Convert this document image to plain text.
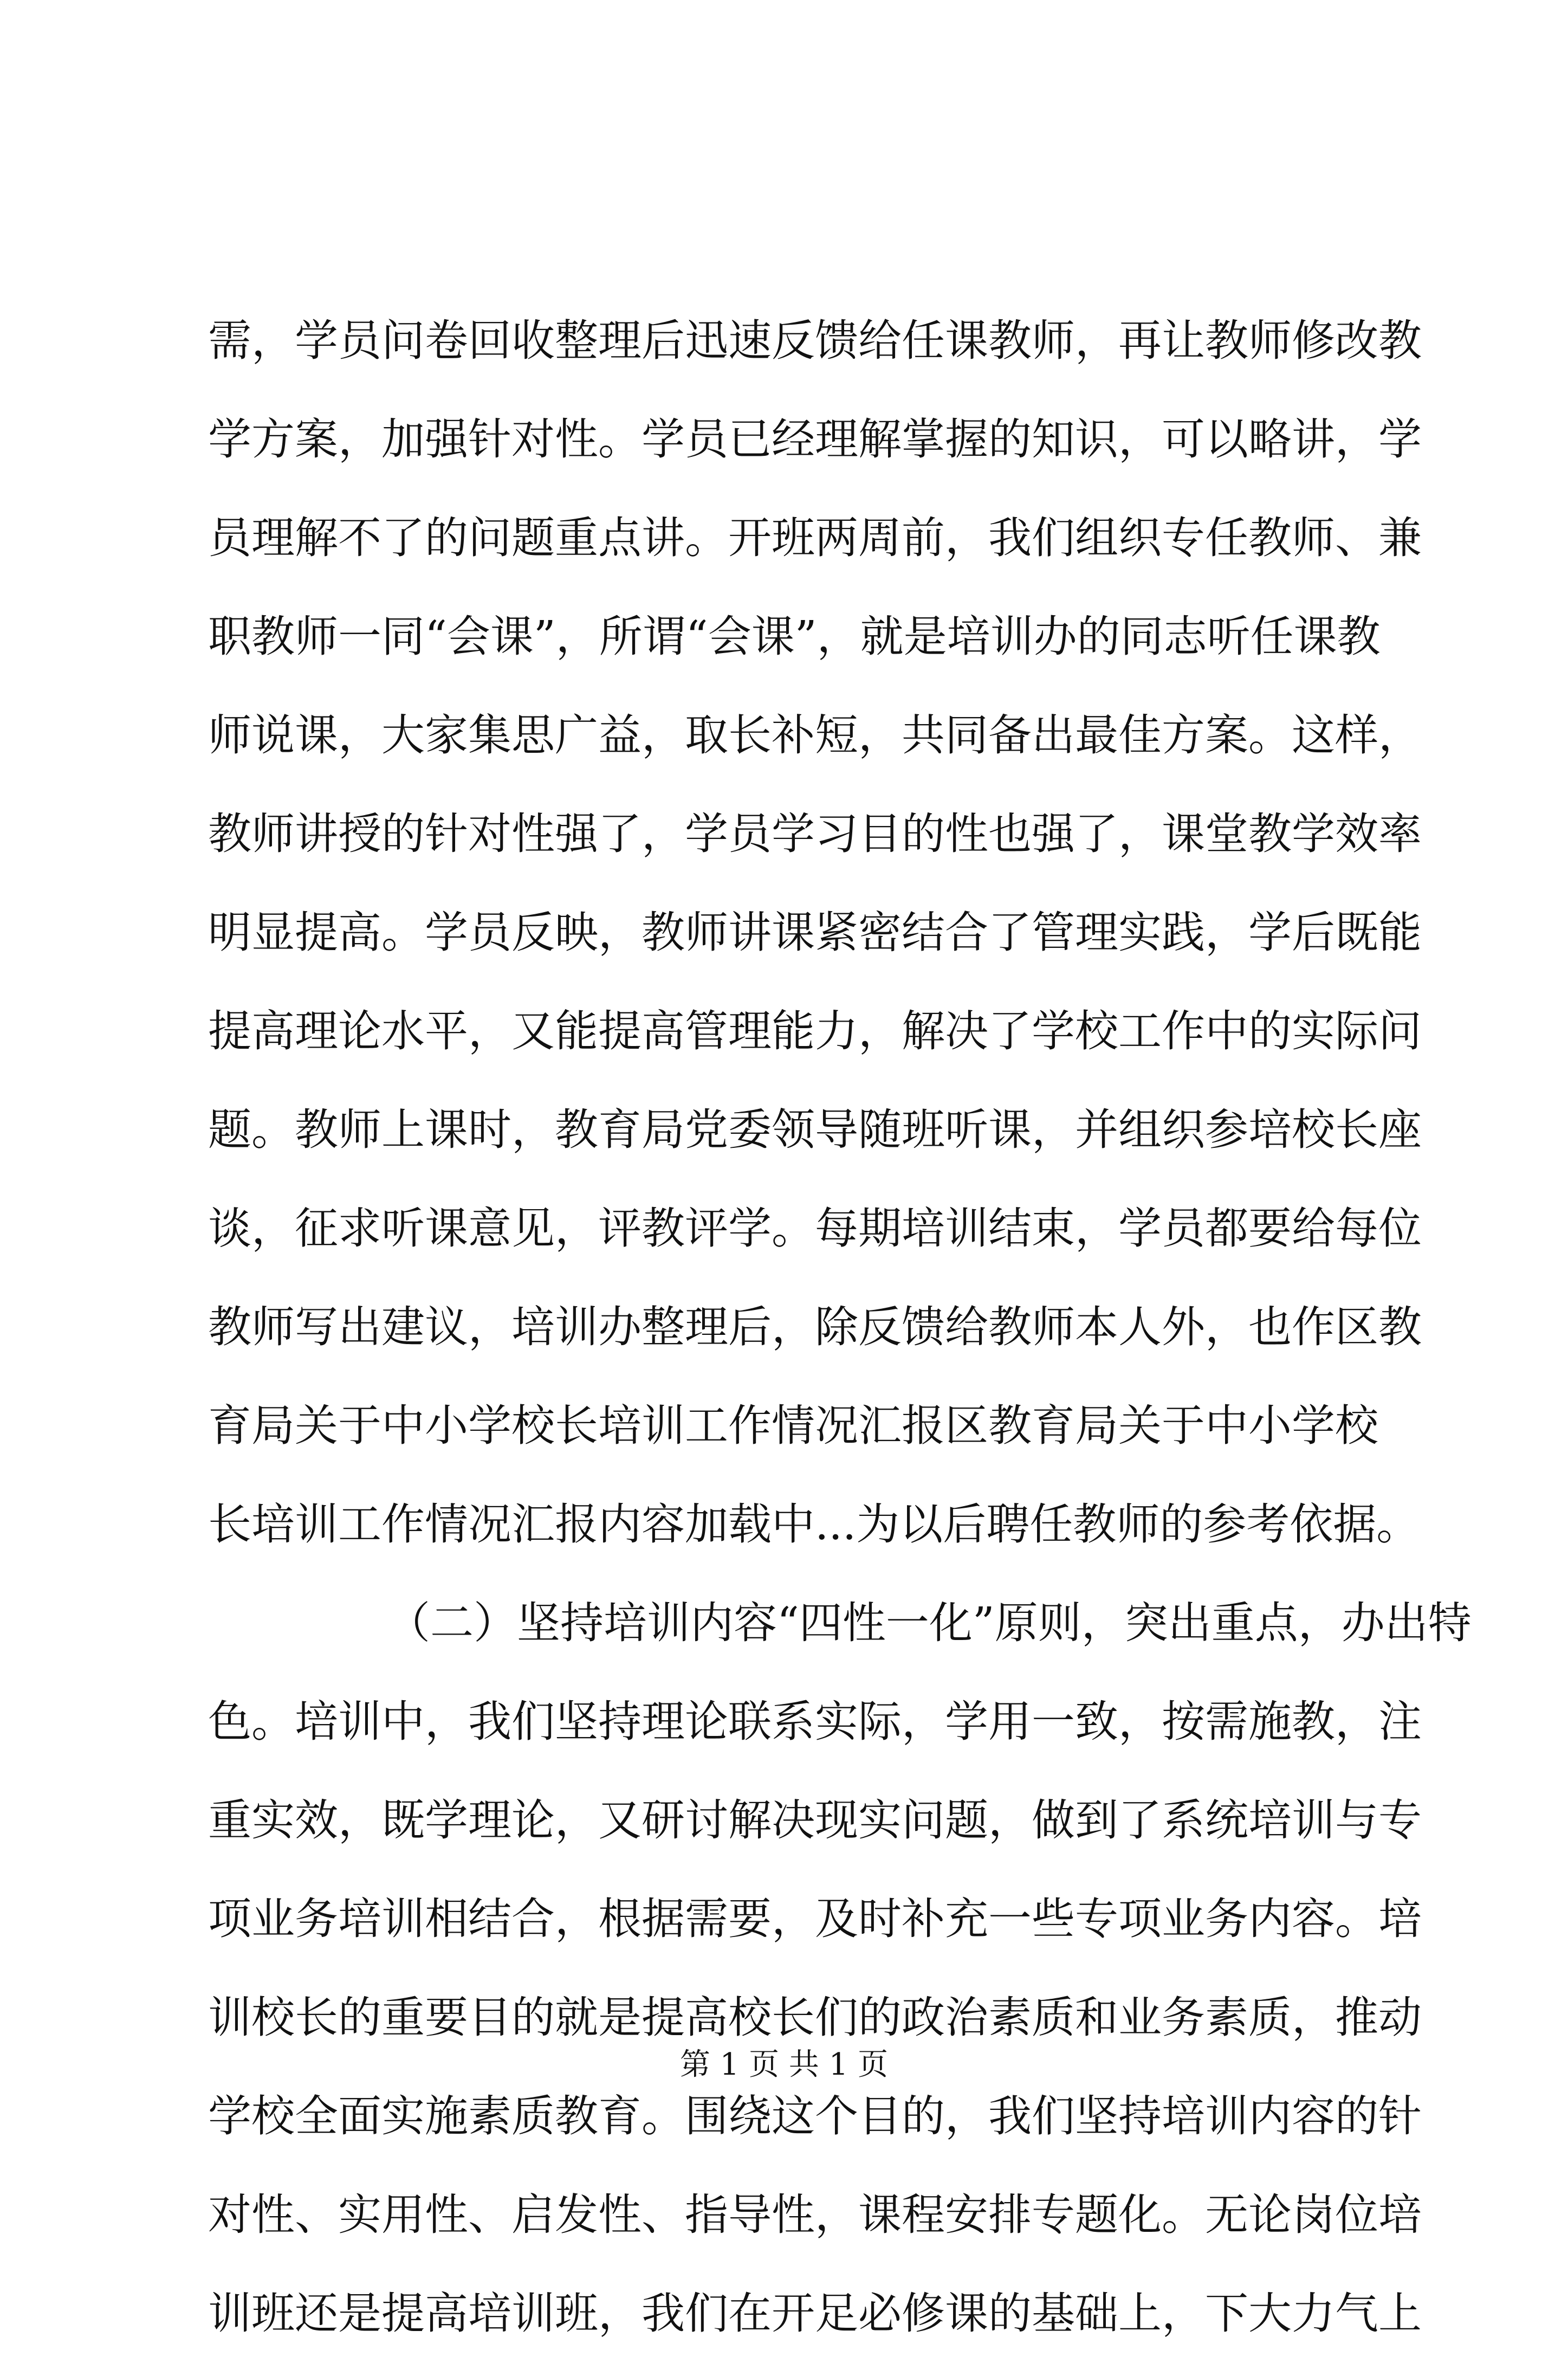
需，学员问卷回收整理后迅速反馈给任课教师，再让教师修改教
学方案，加强针对性。学员已经理解掌握的知识，可以略讲，学
员理解不了的问题重点讲。开班两周前，我们组织专任教师、兼
职教师一同“会课”，所谓“会课”，就是培训办的同志听任课教
师说课，大家集思广益，取长补短，共同备出最佳方案。这样，
教师讲授的针对性强了，学员学习目的性也强了，课堂教学效率
明显提高。学员反映，教师讲课紧密结合了管理实践，学后既能
提高理论水平，又能提高管理能力，解决了学校工作中的实际问
题。教师上课时，教育局党委领导随班听课，并组织参培校长座
谈，征求听课意见，评教评学。每期培训结束，学员都要给每位
教师写出建议，培训办整理后，除反馈给教师本人外，也作区教
育局关于中小学校长培训工作情况汇报区教育局关于中小学校
长培训工作情况汇报内容加载中...为以后聘任教师的参考依据。
（二）坚持培训内容“四性一化”原则，突出重点，办出特
色。培训中，我们坚持理论联系实际，学用一致，按需施教，注
重实效，既学理论，又研讨解决现实问题，做到了系统培训与专
项业务培训相结合，根据需要，及时补充一些专项业务内容。培
训校长的重要目的就是提高校长们的政治素质和业务素质，推动
学校全面实施素质教育。围绕这个目的，我们坚持培训内容的针
对性、实用性、启发性、指导性，课程安排专题化。无论岗位培
训班还是提高培训班，我们在开足必修课的基础上，下大力气上
第 1 页 共 1 页
